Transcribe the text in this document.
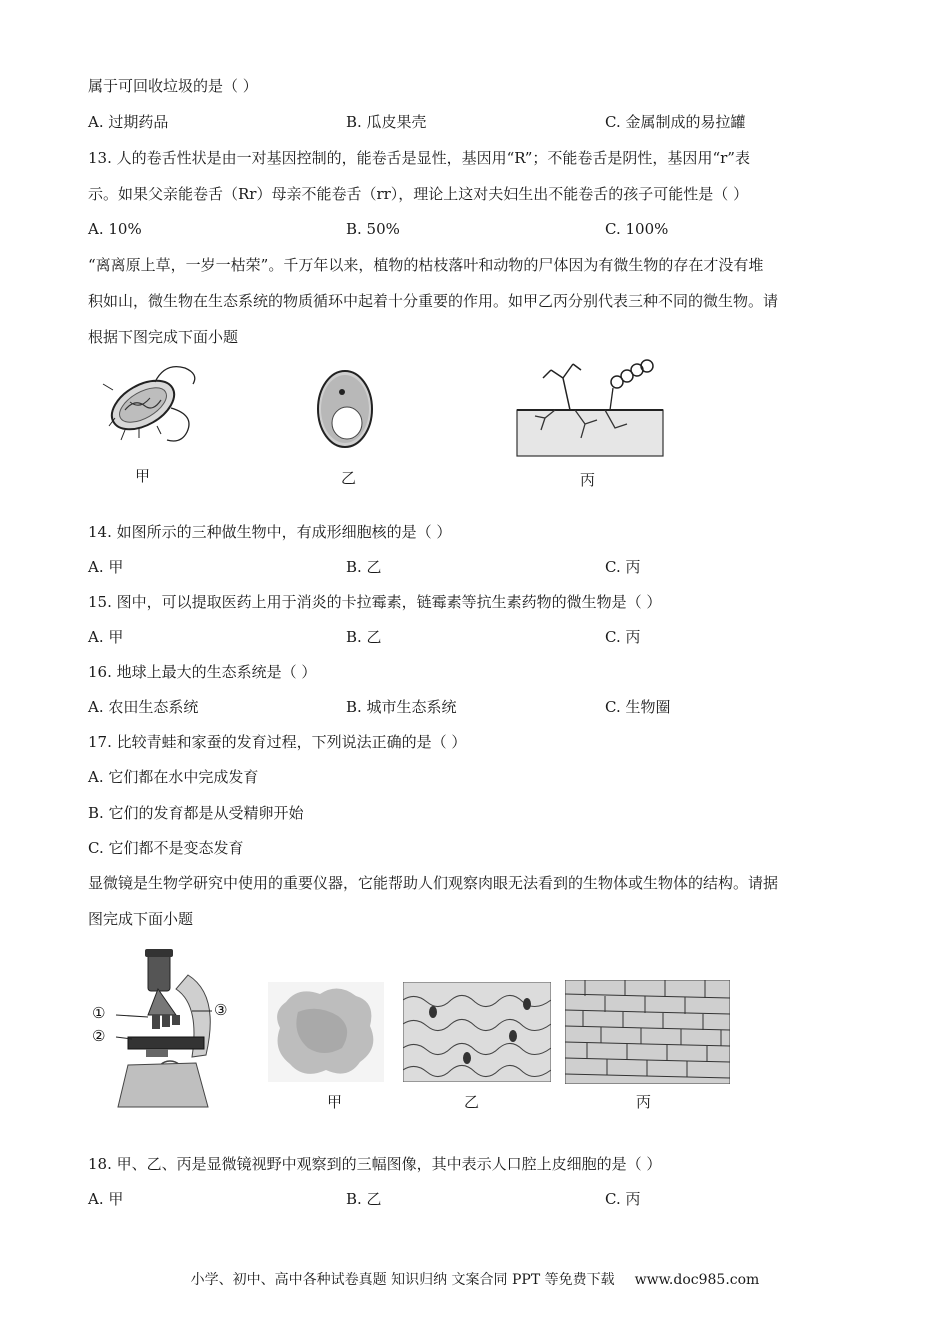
属于可回收垃圾的是（ ）
A. 过期药品	B. 瓜皮果壳	C. 金属制成的易拉罐
13. 人的卷舌性状是由一对基因控制的，能卷舌是显性，基因用“R”；不能卷舌是阴性，基因用“r”表
示。如果父亲能卷舌（Rr）母亲不能卷舌（rr），理论上这对夫妇生出不能卷舌的孩子可能性是（ ）
A. 10%	B. 50%	C. 100%
“离离原上草，一岁一枯荣”。千万年以来，植物的枯枝落叶和动物的尸体因为有微生物的存在才没有堆
积如山，微生物在生态系统的物质循环中起着十分重要的作用。如甲乙丙分别代表三种不同的微生物。请
根据下图完成下面小题
甲	乙	丙
14. 如图所示的三种做生物中，有成形细胞核的是（ ）
A. 甲	B. 乙	C. 丙
15. 图中，可以提取医药上用于消炎的卡拉霉素，链霉素等抗生素药物的微生物是（ ）
A. 甲	B. 乙	C. 丙
16. 地球上最大的生态系统是（ ）
A. 农田生态系统	B. 城市生态系统	C. 生物圈
17. 比较青蛙和家蚕的发育过程，下列说法正确的是（ ）
A. 它们都在水中完成发育
B. 它们的发育都是从受精卵开始
C. 它们都不是变态发育
显微镜是生物学研究中使用的重要仪器，它能帮助人们观察肉眼无法看到的生物体或生物体的结构。请据
图完成下面小题
①
②
③
甲	乙	丙
18. 甲、乙、丙是显微镜视野中观察到的三幅图像，其中表示人口腔上皮细胞的是（ ）
A. 甲	B. 乙	C. 丙
小学、初中、高中各种试卷真题 知识归纳 文案合同 PPT 等免费下载 www.doc985.com
